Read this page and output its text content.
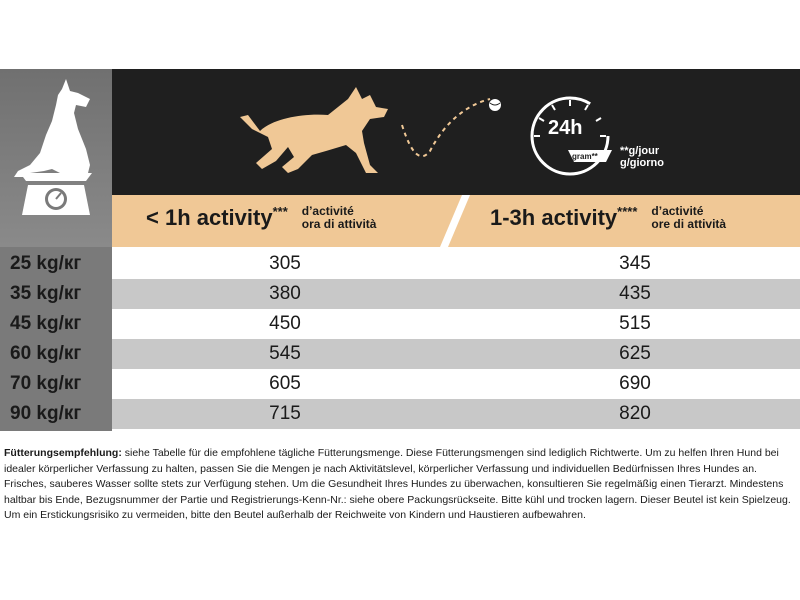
24h
gram** **g/jour
g/giorno
< 1h activity*** d’activité
ora di attività	1-3h activity**** d’activité
ore di attività
25 kg/кг	305	345
35 kg/кг	380	435
45 kg/кг	450	515
60 kg/кг	545	625
70 kg/кг	605	690
90 kg/кг	715	820
Fütterungsempfehlung: siehe Tabelle für die empfohlene tägliche Fütterungsmenge. Diese Fütterungsmengen sind lediglich Richtwerte. Um zu helfen Ihren Hund bei idealer körperlicher Verfassung zu halten, passen Sie die Mengen je nach Aktivitätslevel, körperlicher Verfassung und individuellen Bedürfnissen Ihres Hundes an. Frisches, sauberes Wasser sollte stets zur Verfügung stehen. Um die Gesundheit Ihres Hundes zu überwachen, konsultieren Sie regelmäßig einen Tierarzt. Mindestens haltbar bis Ende, Bezugsnummer der Partie und Registrierungs-Kenn-Nr.: siehe obere Packungsrückseite. Bitte kühl und trocken lagern. Dieser Beutel ist kein Spielzeug. Um ein Erstickungsrisiko zu vermeiden, bitte den Beutel außerhalb der Reichweite von Kindern und Haustieren aufbewahren.
